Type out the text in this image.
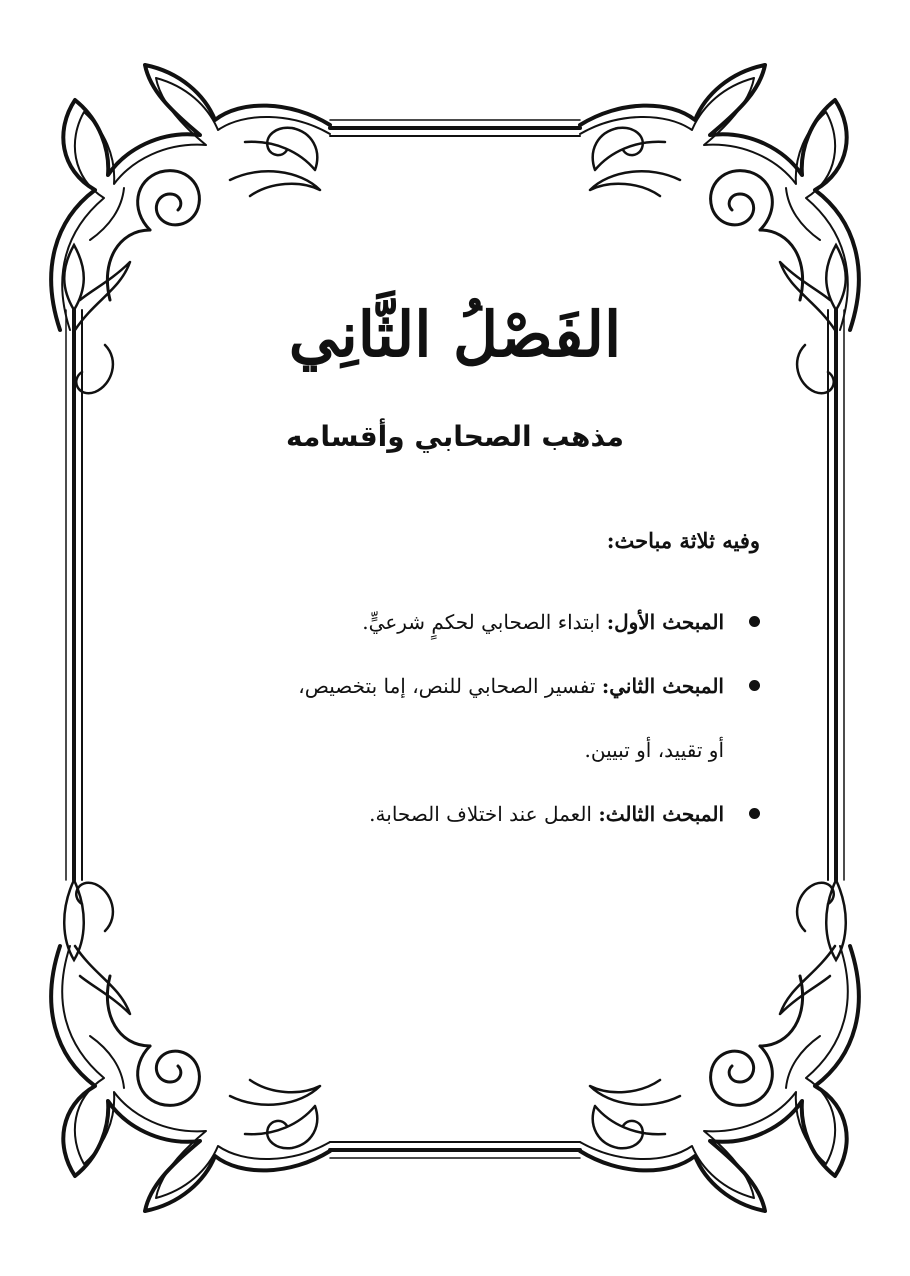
الفَصْلُ الثَّانِي
مذهب الصحابي وأقسامه
وفيه ثلاثة مباحث:
المبحث الأول: ابتداء الصحابي لحكمٍ شرعيٍّ.
المبحث الثاني: تفسير الصحابي للنص، إما بتخصيص،
أو تقييد، أو تبيين.
المبحث الثالث: العمل عند اختلاف الصحابة.
